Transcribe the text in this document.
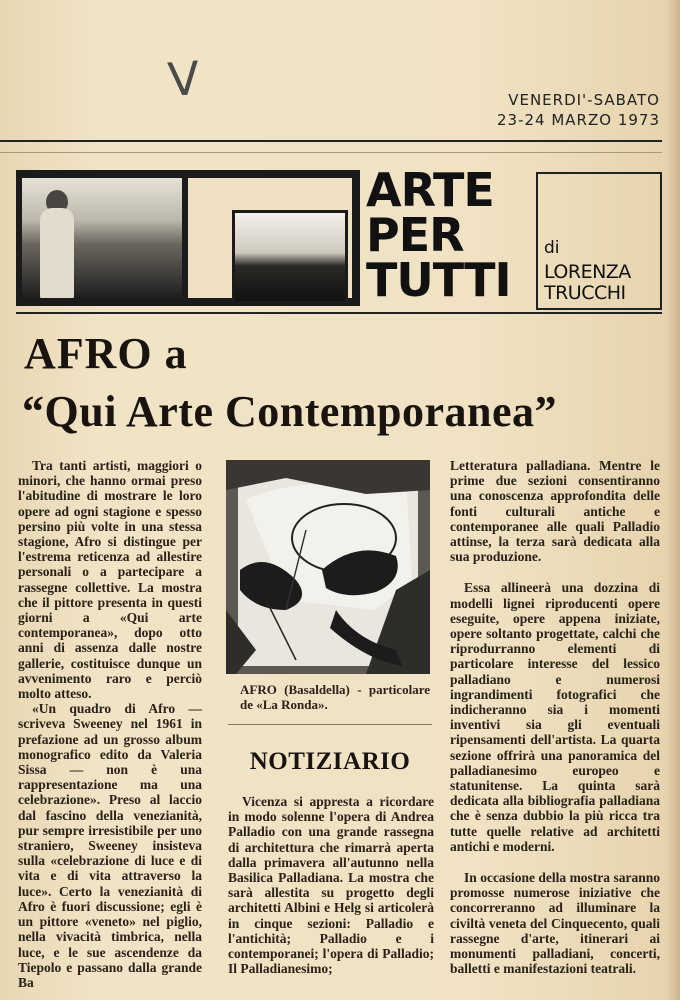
V	VENERDI'-SABATO
23-24 MARZO 1973
ARTE
PER
TUTTI
di
LORENZA
TRUCCHI
AFRO a
“Qui Arte Contemporanea”

Tra tanti artisti, maggiori o minori, che hanno ormai preso l'abitudine di mostrare le loro opere ad ogni stagione e spesso persino più volte in una stessa stagione, Afro si distingue per l'estrema reticenza ad allestire personali o a partecipare a rassegne collettive. La mostra che il pittore presenta in questi giorni a «Qui arte contemporanea», dopo otto anni di assenza dalle nostre gallerie, costituisce dunque un avvenimento raro e perciò molto atteso.

«Un quadro di Afro — scriveva Sweeney nel 1961 in prefazione ad un grosso album monografico edito da Valeria Sissa — non è una rappresentazione ma una celebrazione». Preso al laccio dal fascino della venezianità, pur sempre irresistibile per uno straniero, Sweeney insisteva sulla «celebrazione di luce e di vita e di vita attraverso la luce». Certo la venezianità di Afro è fuori discussione; egli è un pittore «veneto» nel piglio, nella vivacità timbrica, nella luce, e le sue ascendenze da Tiepolo e passano dalla grande Ba

AFRO (Basaldella) - particolare de «La Ronda».
NOTIZIARIO

Vicenza si appresta a ricordare in modo solenne l'opera di Andrea Palladio con una grande rassegna di architettura che rimarrà aperta dalla primavera all'autunno nella Basilica Palladiana. La mostra che sarà allestita su progetto degli architetti Albini e Helg si articolerà in cinque sezioni: Palladio e l'antichità; Palladio e i contemporanei; l'opera di Palladio; Il Palladianesimo;

Letteratura palladiana. Mentre le prime due sezioni consentiranno una conoscenza approfondita delle fonti culturali antiche e contemporanee alle quali Palladio attinse, la terza sarà dedicata alla sua produzione.

Essa allineerà una dozzina di modelli lignei riproducenti opere eseguite, opere appena iniziate, opere soltanto progettate, calchi che riprodurranno elementi di particolare interesse del lessico palladiano e numerosi ingrandimenti fotografici che indicheranno sia i momenti inventivi sia gli eventuali ripensamenti dell'artista. La quarta sezione offrirà una panoramica del palladianesimo europeo e statunitense. La quinta sarà dedicata alla bibliografia palladiana che è senza dubbio la più ricca tra tutte quelle relative ad architetti antichi e moderni.

In occasione della mostra saranno promosse numerose iniziative che concorreranno ad illuminare la civiltà veneta del Cinquecento, quali rassegne d'arte, itinerari ai monumenti palladiani, concerti, balletti e manifestazioni teatrali.
